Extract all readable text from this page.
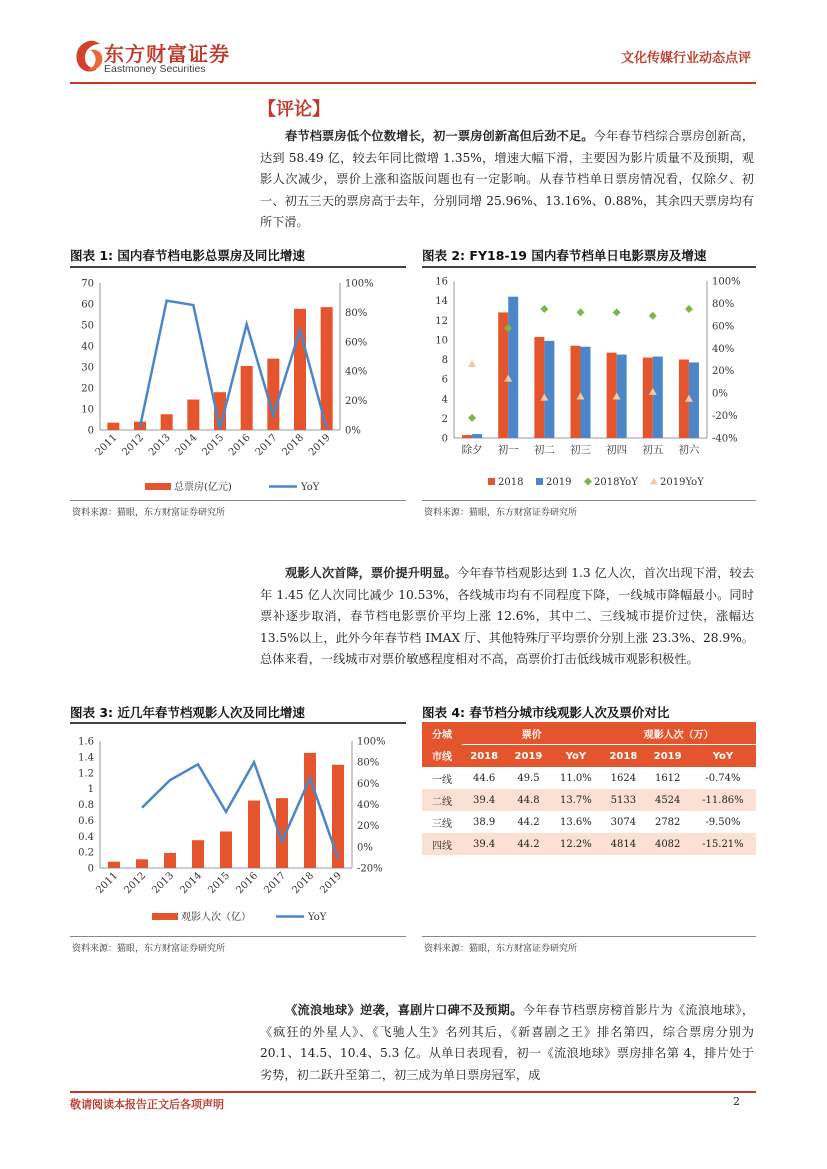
东方财富证券
Eastmoney Securities
文化传媒行业动态点评
【评论】
春节档票房低个位数增长，初一票房创新高但后劲不足。今年春节档综合票房创新高，达到 58.49 亿，较去年同比微增 1.35%，增速大幅下滑，主要因为影片质量不及预期，观影人次减少，票价上涨和盗版问题也有一定影响。从春节档单日票房情况看，仅除夕、初一、初五三天的票房高于去年，分别同增 25.96%、13.16%、0.88%，其余四天票房均有所下滑。
图表 1: 国内春节档电影总票房及同比增速	图表 2: FY18-19 国内春节档单日电影票房及增速
0
10
20
30
40
50
60
70
0%
20%
40%
60%
80%
100%
2011 2012 2013 2014 2015 2016 2017 2018 2019
总票房(亿元)	YoY
0
2
4
6
8
10
12
14
16
-40%
-20%
0%
20%
40%
60%
80%
100%
除夕 初一 初二 初三 初四 初五 初六
2018 2019 2018YoY 2019YoY
资料来源：猫眼，东方财富证券研究所	资料来源：猫眼，东方财富证券研究所
观影人次首降，票价提升明显。今年春节档观影达到 1.3 亿人次，首次出现下滑，较去年 1.45 亿人次同比减少 10.53%，各线城市均有不同程度下降，一线城市降幅最小。同时票补逐步取消，春节档电影票价平均上涨 12.6%，其中二、三线城市提价过快，涨幅达 13.5%以上，此外今年春节档 IMAX 厅、其他特殊厅平均票价分别上涨 23.3%、28.9%。总体来看，一线城市对票价敏感程度相对不高，高票价打击低线城市观影积极性。
图表 3: 近几年春节档观影人次及同比增速	图表 4: 春节档分城市线观影人次及票价对比
0
0.2
0.4
0.6
0.8
1
1.2
1.4
1.6
-20%
0%
20%
40%
60%
80%
100%
2011 2012 2013 2014 2015 2016 2017 2018 2019
观影人次（亿）	YoY
分城	票价			观影人次（万）		
市线	2018	2019	YoY	2018	2019	YoY
一线	44.6	49.5	11.0%	1624	1612	-0.74%
二线	39.4	44.8	13.7%	5133	4524	-11.86%
三线	38.9	44.2	13.6%	3074	2782	-9.50%
四线	39.4	44.2	12.2%	4814	4082	-15.21%
资料来源：猫眼，东方财富证券研究所	资料来源：猫眼，东方财富证券研究所
《流浪地球》逆袭，喜剧片口碑不及预期。今年春节档票房榜首影片为《流浪地球》，《疯狂的外星人》、《飞驰人生》名列其后，《新喜剧之王》排名第四，综合票房分别为 20.1、14.5、10.4、5.3 亿。从单日表现看，初一《流浪地球》票房排名第 4，排片处于劣势，初二跃升至第二，初三成为单日票房冠军，成
敬请阅读本报告正文后各项声明	2
